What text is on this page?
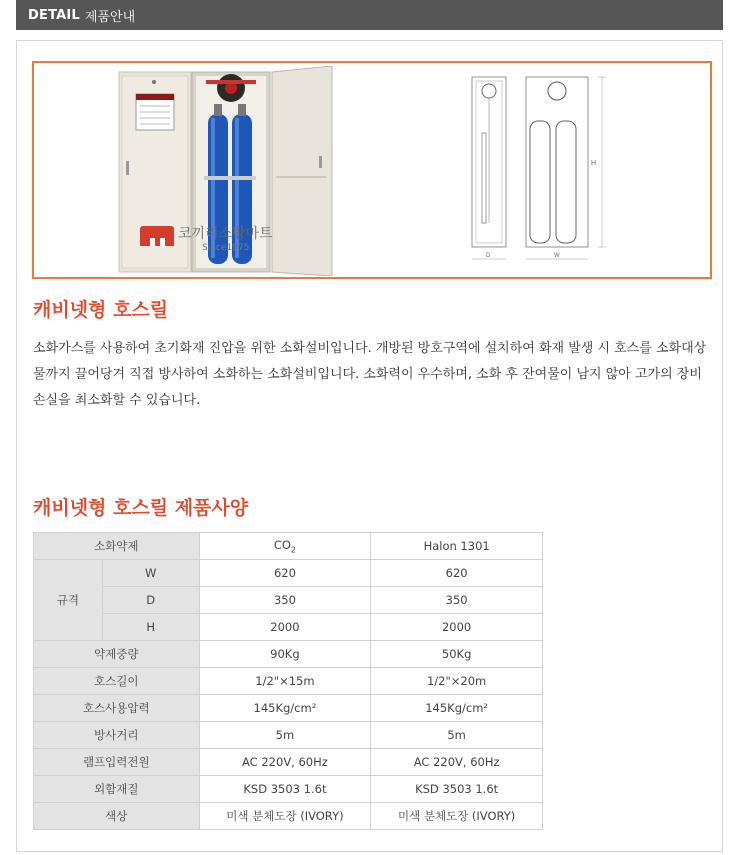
DETAIL 제품안내
H
D	W
코끼리소방마트
Since1975
캐비넷형 호스릴
소화가스를 사용하여 초기화재 진압을 위한 소화설비입니다. 개방된 방호구역에 설치하여 화재 발생 시 호스를 소화대상물까지 끌어당겨 직접 방사하여 소화하는 소화설비입니다. 소화력이 우수하며, 소화 후 잔여물이 남지 않아 고가의 장비 손실을 최소화할 수 있습니다.
캐비넷형 호스릴 제품사양
소화약제		$CO_2$	Halon 1301
규격	W	620	620
	D	350	350
	H	2000	2000
약제중량		90Kg	50Kg
호스길이		1/2"×15m	1/2"×20m
호스사용압력		145Kg/cm²	145Kg/cm²
방사거리		5m	5m
램프입력전원		AC 220V, 60Hz	AC 220V, 60Hz
외함재질		KSD 3503 1.6t	KSD 3503 1.6t
색상		미색 분체도장 (IVORY)	미색 분체도장 (IVORY)
